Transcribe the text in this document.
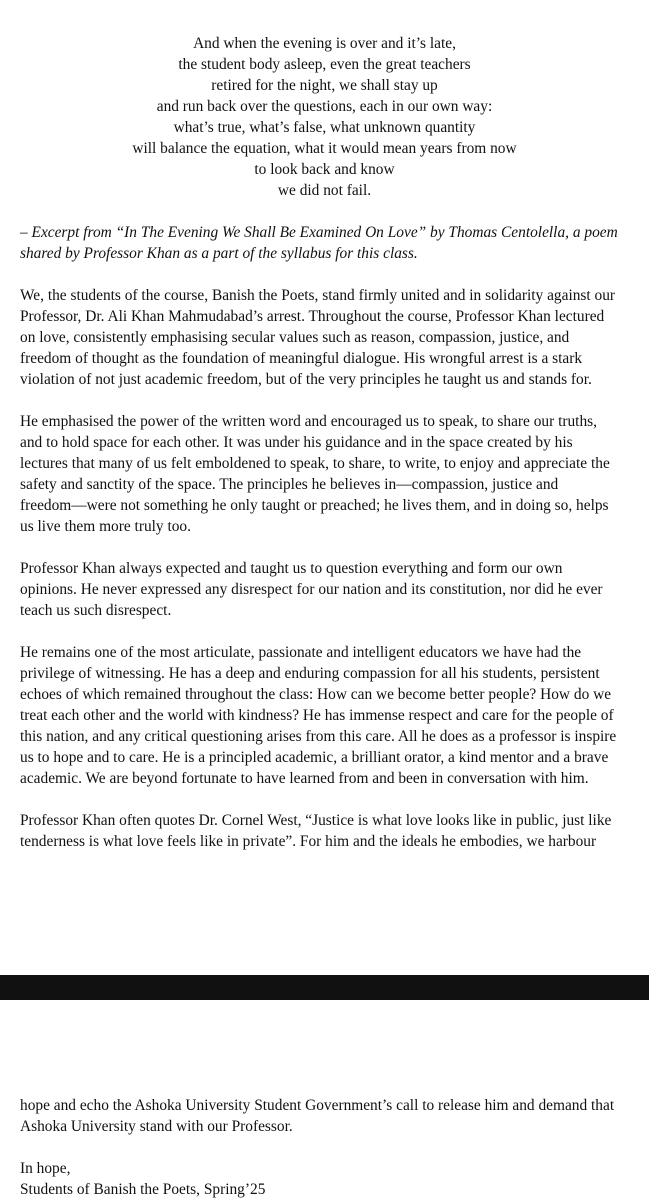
And when the evening is over and it’s late,
the student body asleep, even the great teachers
retired for the night, we shall stay up
and run back over the questions, each in our own way:
what’s true, what’s false, what unknown quantity
will balance the equation, what it would mean years from now
to look back and know
we did not fail.
– Excerpt from “In The Evening We Shall Be Examined On Love” by Thomas Centolella, a poem
shared by Professor Khan as a part of the syllabus for this class.
We, the students of the course, Banish the Poets, stand firmly united and in solidarity against our
Professor, Dr. Ali Khan Mahmudabad’s arrest. Throughout the course, Professor Khan lectured
on love, consistently emphasising secular values such as reason, compassion, justice, and
freedom of thought as the foundation of meaningful dialogue. His wrongful arrest is a stark
violation of not just academic freedom, but of the very principles he taught us and stands for.
He emphasised the power of the written word and encouraged us to speak, to share our truths,
and to hold space for each other. It was under his guidance and in the space created by his
lectures that many of us felt emboldened to speak, to share, to write, to enjoy and appreciate the
safety and sanctity of the space. The principles he believes in—compassion, justice and
freedom—were not something he only taught or preached; he lives them, and in doing so, helps
us live them more truly too.
Professor Khan always expected and taught us to question everything and form our own
opinions. He never expressed any disrespect for our nation and its constitution, nor did he ever
teach us such disrespect.
He remains one of the most articulate, passionate and intelligent educators we have had the
privilege of witnessing. He has a deep and enduring compassion for all his students, persistent
echoes of which remained throughout the class: How can we become better people? How do we
treat each other and the world with kindness? He has immense respect and care for the people of
this nation, and any critical questioning arises from this care. All he does as a professor is inspire
us to hope and to care. He is a principled academic, a brilliant orator, a kind mentor and a brave
academic. We are beyond fortunate to have learned from and been in conversation with him.
Professor Khan often quotes Dr. Cornel West, “Justice is what love looks like in public, just like
tenderness is what love feels like in private”. For him and the ideals he embodies, we harbour
hope and echo the Ashoka University Student Government’s call to release him and demand that
Ashoka University stand with our Professor.
In hope,
Students of Banish the Poets, Spring’25
